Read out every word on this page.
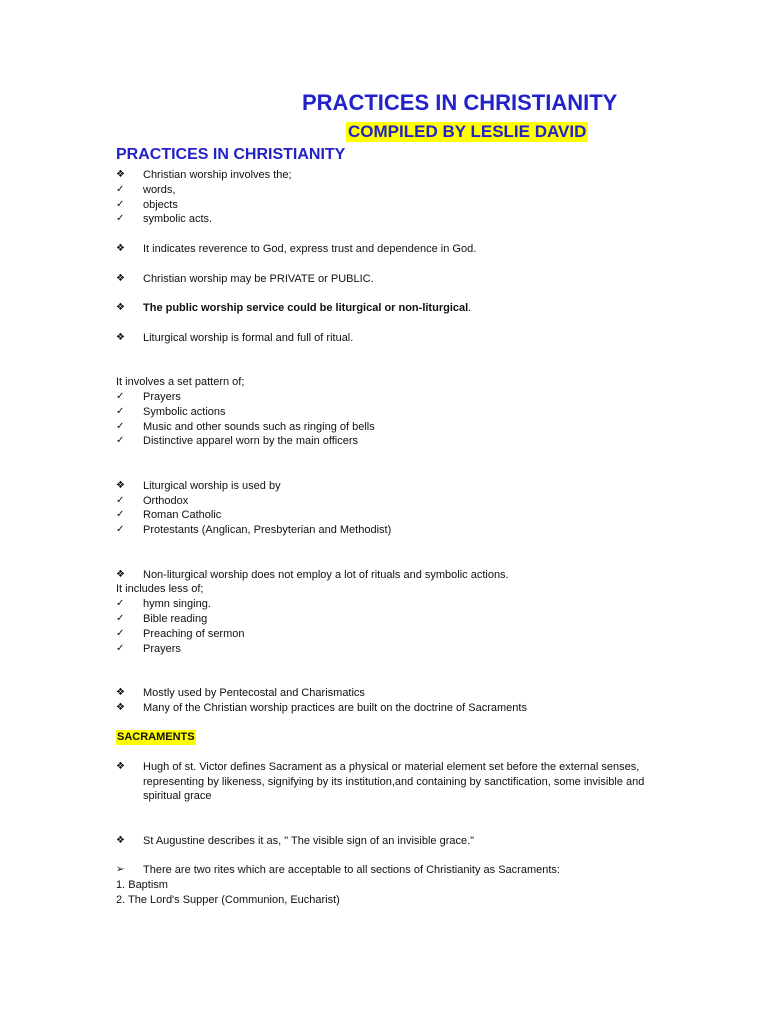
PRACTICES IN CHRISTIANITY
COMPILED BY LESLIE DAVID
PRACTICES IN CHRISTIANITY
❖	Christian worship involves the;
✓	words,
✓	objects
✓	symbolic acts.
❖	It indicates reverence to God, express trust and dependence in God.
❖	Christian worship may be PRIVATE or PUBLIC.
❖	The public worship service could be liturgical or non-liturgical.
❖	Liturgical worship is formal and full of ritual.
It involves a set pattern of;
✓	Prayers
✓	Symbolic actions
✓	Music and other sounds such as ringing of bells
✓	Distinctive apparel worn by the main officers
❖	Liturgical worship is used by
✓	Orthodox
✓	Roman Catholic
✓	Protestants (Anglican, Presbyterian and Methodist)
❖	Non-liturgical worship does not employ a lot of rituals and symbolic actions.
It includes less of;
✓	hymn singing.
✓	Bible reading
✓	Preaching of sermon
✓	Prayers
❖	Mostly used by Pentecostal and Charismatics
❖	Many of the Christian worship practices are built on the doctrine of Sacraments
SACRAMENTS
❖	Hugh of st. Victor defines Sacrament as a physical or material element set before the external senses, representing by likeness, signifying by its institution,and containing by sanctification, some invisible and spiritual grace
❖	St Augustine describes it as, " The visible sign of an invisible grace."
➢	There are two rites which are acceptable to all sections of Christianity as Sacraments:
1. Baptism
2. The Lord's Supper (Communion, Eucharist)
